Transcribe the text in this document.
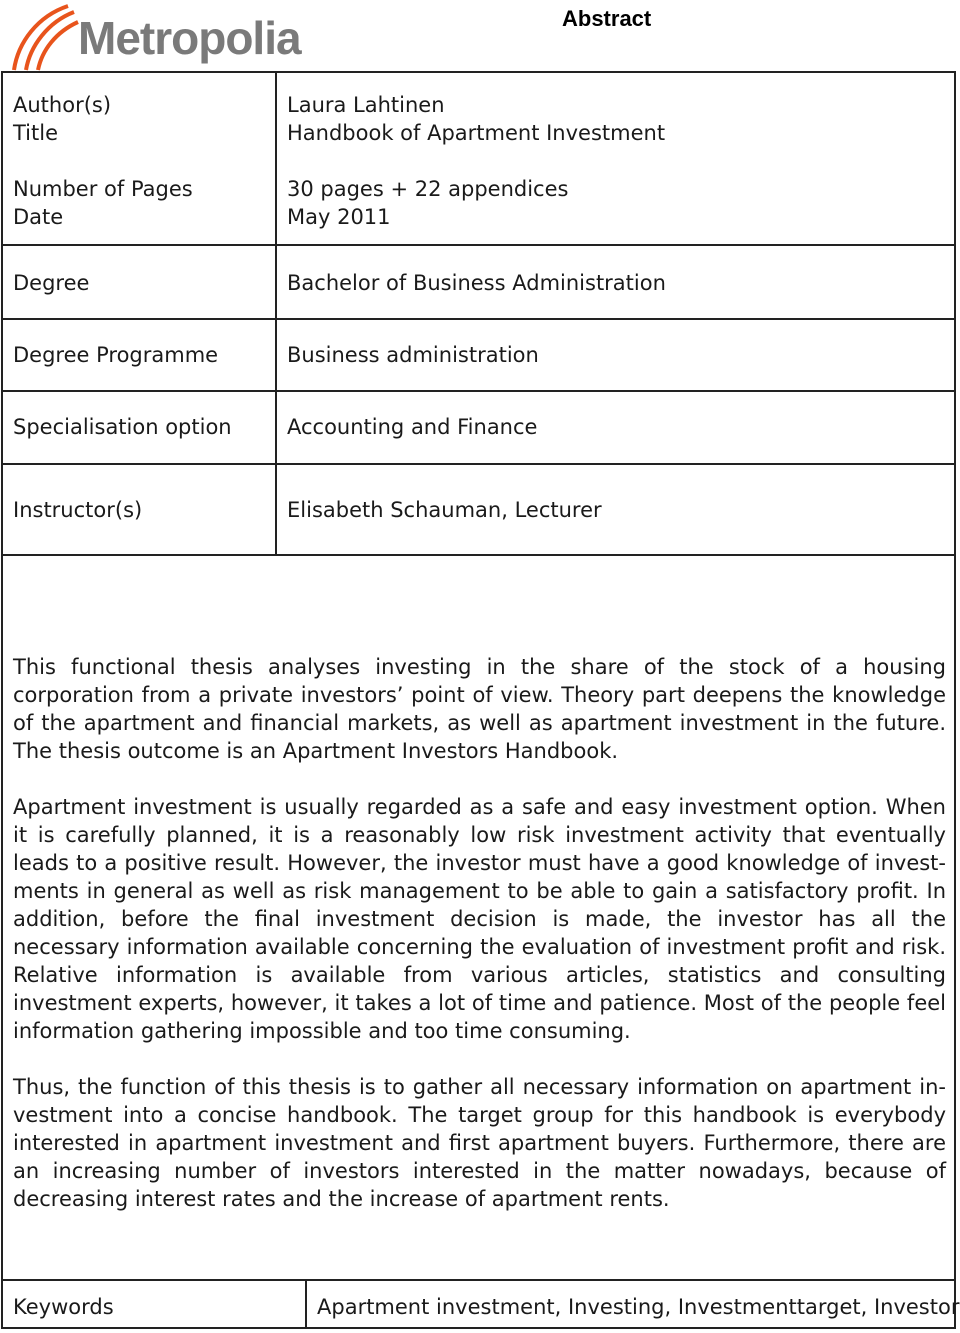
Metropolia	Abstract
Author(s)	Laura Lahtinen
Title	Handbook of Apartment Investment
Number of Pages	30 pages + 22 appendices
Date	May 2011
Degree	Bachelor of Business Administration
Degree Programme	Business administration
Specialisation option	Accounting and Finance
Instructor(s)	Elisabeth Schauman, Lecturer

This functional thesis analyses investing in the share of the stock of a housing corporation from a private investors’ point of view. Theory part deepens the knowledge of the apartment and financial markets, as well as apartment investment in the future. The thesis outcome is an Apartment Investors Handbook.

Apartment investment is usually regarded as a safe and easy investment option. When it is carefully planned, it is a reasonably low risk investment activity that eventually leads to a positive result. However, the investor must have a good knowledge of investments in general as well as risk management to be able to gain a satisfactory profit. In addition, before the final investment decision is made, the investor has all the necessary information available concerning the evaluation of investment profit and risk. Relative information is available from various articles, statistics and consulting investment experts, however, it takes a lot of time and patience. Most of the people feel information gathering impossible and too time consuming.

Thus, the function of this thesis is to gather all necessary information on apartment investment into a concise handbook. The target group for this handbook is everybody interested in apartment investment and first apartment buyers. Furthermore, there are an increasing number of investors interested in the matter nowadays, because of decreasing interest rates and the increase of apartment rents.

Keywords	Apartment investment, Investing, Investmenttarget, Investor
